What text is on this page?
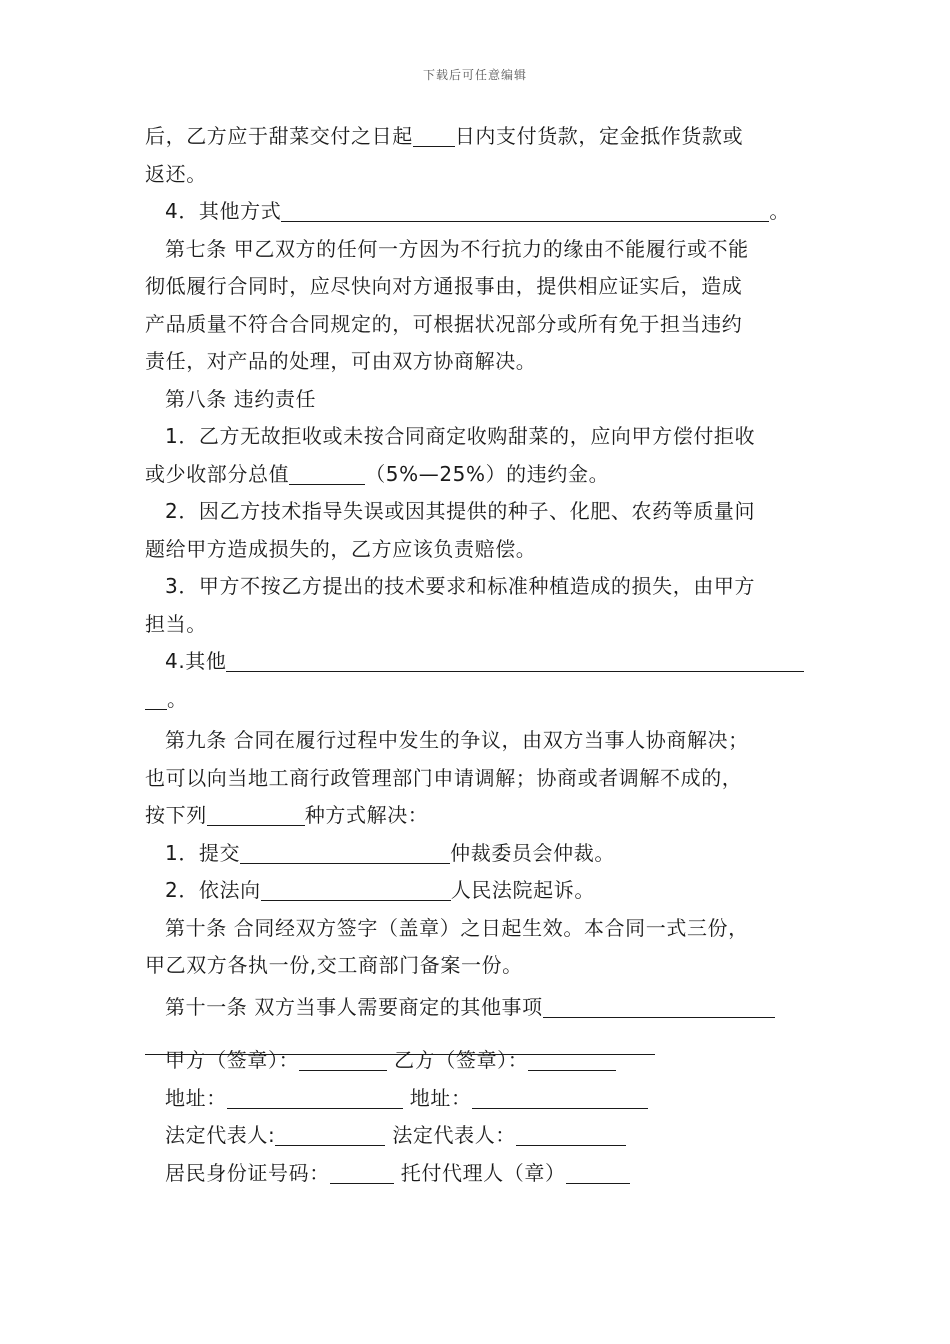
下载后可任意编辑
后，乙方应于甜菜交付之日起 日内支付货款，定金抵作货款或
返还。
4．其他方式	。
第七条 甲乙双方的任何一方因为不行抗力的缘由不能履行或不能
彻低履行合同时，应尽快向对方通报事由，提供相应证实后，造成
产品质量不符合合同规定的，可根据状况部分或所有免于担当违约
责任，对产品的处理，可由双方协商解决。
第八条 违约责任
1．乙方无故拒收或未按合同商定收购甜菜的，应向甲方偿付拒收
或少收部分总值	（5%—25%）的违约金。
2．因乙方技术指导失误或因其提供的种子、化肥、农药等质量问
题给甲方造成损失的，乙方应该负责赔偿。
3．甲方不按乙方提出的技术要求和标准种植造成的损失，由甲方
担当。
4.其他
。
第九条 合同在履行过程中发生的争议，由双方当事人协商解决；
也可以向当地工商行政管理部门申请调解；协商或者调解不成的，
按下列	种方式解决：
1．提交	仲裁委员会仲裁。
2．依法向	人民法院起诉。
第十条 合同经双方签字（盖章）之日起生效。本合同一式三份，
甲乙双方各执一份,交工商部门备案一份。
第十一条 双方当事人需要商定的其他事项
甲方（签章）：	乙方（签章）：
地址：	地址：
法定代表人:	法定代表人：
居民身份证号码：	托付代理人（章）
